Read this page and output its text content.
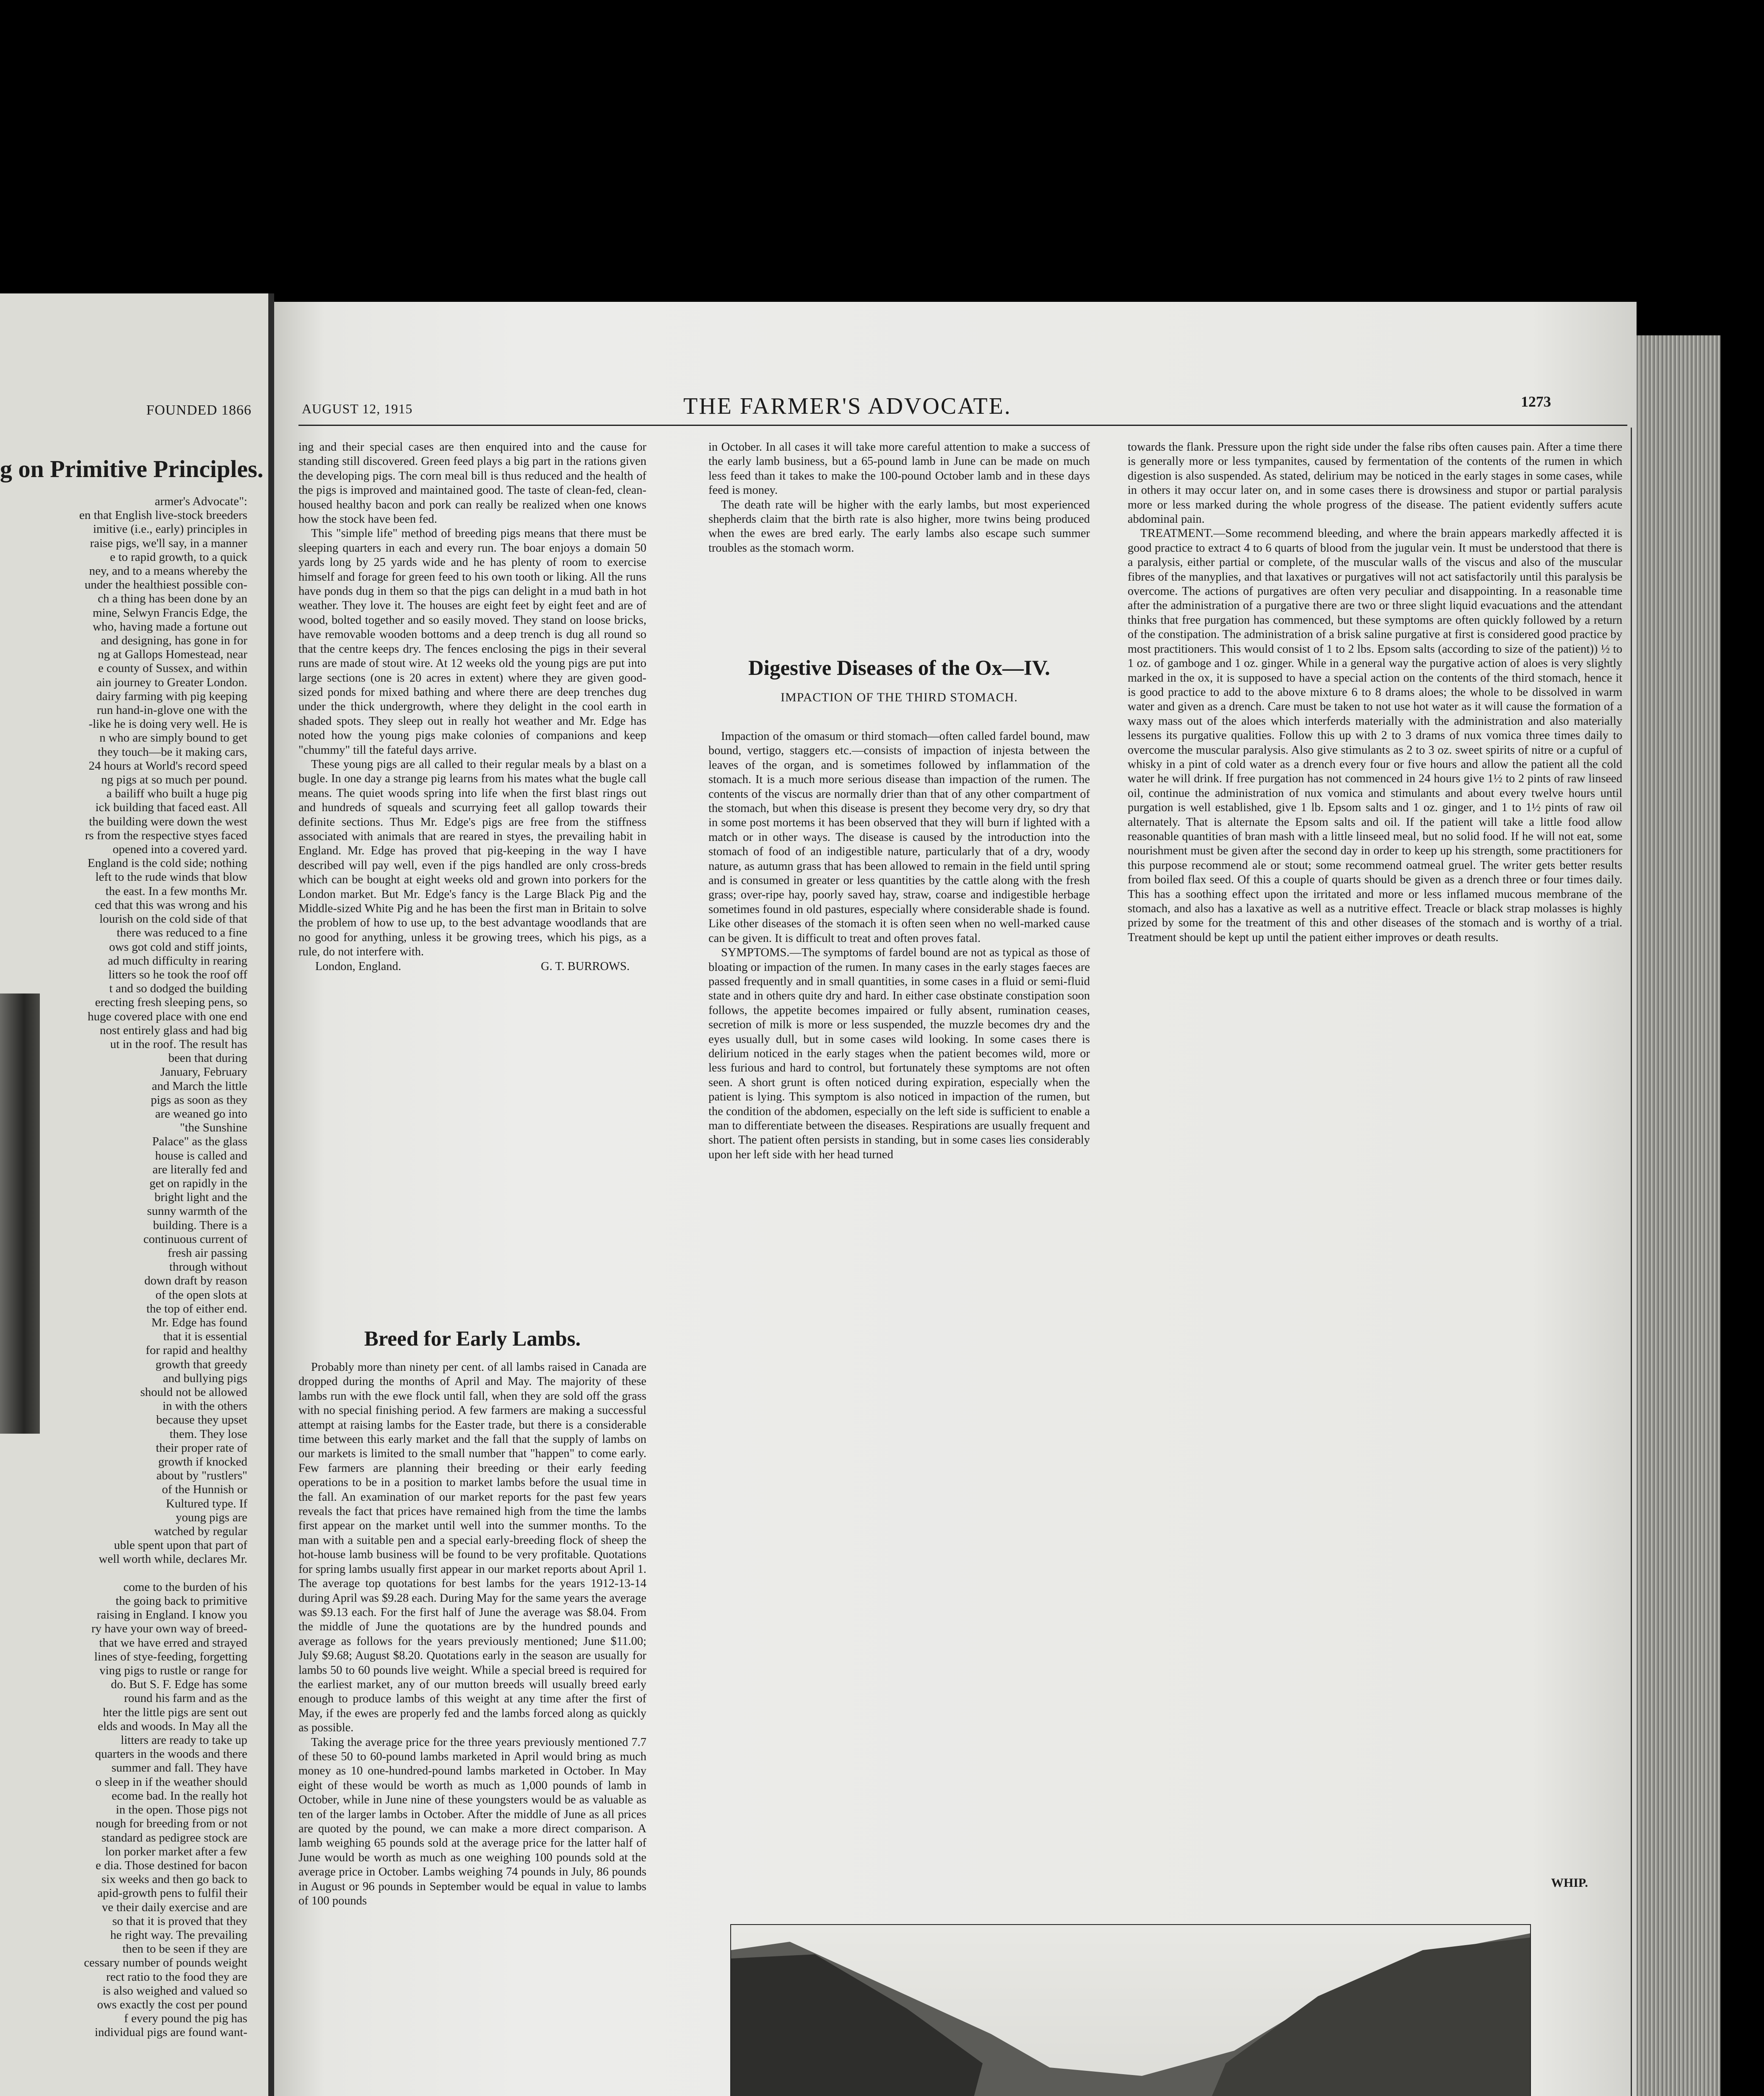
FOUNDED 1866
g on Primitive Principles.

armer's Advocate":

en that English live-stock breeders

imitive (i.e., early) principles in

raise pigs, we'll say, in a manner

e to rapid growth, to a quick

ney, and to a means whereby the

under the healthiest possible con-

ch a thing has been done by an

mine, Selwyn Francis Edge, the

who, having made a fortune out

and designing, has gone in for

ng at Gallops Homestead, near

e county of Sussex, and within

ain journey to Greater London.

dairy farming with pig keeping

run hand-in-glove one with the

-like he is doing very well. He is

n who are simply bound to get

they touch—be it making cars,

24 hours at World's record speed

ng pigs at so much per pound.

a bailiff who built a huge pig

ick building that faced east. All

the building were down the west

rs from the respective styes faced

opened into a covered yard.

England is the cold side; nothing

left to the rude winds that blow

the east. In a few months Mr.

ced that this was wrong and his

lourish on the cold side of that

there was reduced to a fine

ows got cold and stiff joints,

ad much difficulty in rearing

litters so he took the roof off

t and so dodged the building

erecting fresh sleeping pens, so

huge covered place with one end

nost entirely glass and had big

ut in the roof. The result has

been that during

January, February

and March the little

pigs as soon as they

are weaned go into

"the Sunshine

Palace" as the glass

house is called and

are literally fed and

get on rapidly in the

bright light and the

sunny warmth of the

building. There is a

continuous current of

fresh air passing

through without

down draft by reason

of the open slots at

the top of either end.

Mr. Edge has found

that it is essential

for rapid and healthy

growth that greedy

and bullying pigs

should not be allowed

in with the others

because they upset

them. They lose

their proper rate of

growth if knocked

about by "rustlers"

of the Hunnish or

Kultured type. If

young pigs are

watched by regular

uble spent upon that part of

well worth while, declares Mr.

come to the burden of his

the going back to primitive

raising in England. I know you

ry have your own way of breed-

that we have erred and strayed

lines of stye-feeding, forgetting

ving pigs to rustle or range for

do. But S. F. Edge has some

round his farm and as the

hter the little pigs are sent out

elds and woods. In May all the

litters are ready to take up

quarters in the woods and there

summer and fall. They have

o sleep in if the weather should

ecome bad. In the really hot

in the open. Those pigs not

nough for breeding from or not

standard as pedigree stock are

lon porker market after a few

e dia. Those destined for bacon

six weeks and then go back to

apid-growth pens to fulfil their

ve their daily exercise and are

so that it is proved that they

he right way. The prevailing

then to be seen if they are

cessary number of pounds weight

rect ratio to the food they are

is also weighed and valued so

ows exactly the cost per pound

f every pound the pig has

individual pigs are found want-

AUGUST 12, 1915	THE FARMER'S ADVOCATE.	1273

ing and their special cases are then enquired into and the cause for standing still discovered. Green feed plays a big part in the rations given the developing pigs. The corn meal bill is thus reduced and the health of the pigs is improved and maintained good. The taste of clean-fed, clean-housed healthy bacon and pork can really be realized when one knows how the stock have been fed.

This "simple life" method of breeding pigs means that there must be sleeping quarters in each and every run. The boar enjoys a domain 50 yards long by 25 yards wide and he has plenty of room to exercise himself and forage for green feed to his own tooth or liking. All the runs have ponds dug in them so that the pigs can delight in a mud bath in hot weather. They love it. The houses are eight feet by eight feet and are of wood, bolted together and so easily moved. They stand on loose bricks, have removable wooden bottoms and a deep trench is dug all round so that the centre keeps dry. The fences enclosing the pigs in their several runs are made of stout wire. At 12 weeks old the young pigs are put into large sections (one is 20 acres in extent) where they are given good-sized ponds for mixed bathing and where there are deep trenches dug under the thick undergrowth, where they delight in the cool earth in shaded spots. They sleep out in really hot weather and Mr. Edge has noted how the young pigs make colonies of companions and keep "chummy" till the fateful days arrive.

These young pigs are all called to their regular meals by a blast on a bugle. In one day a strange pig learns from his mates what the bugle call means. The quiet woods spring into life when the first blast rings out and hundreds of squeals and scurrying feet all gallop towards their definite sections. Thus Mr. Edge's pigs are free from the stiffness associated with animals that are reared in styes, the prevailing habit in England. Mr. Edge has proved that pig-keeping in the way I have described will pay well, even if the pigs handled are only cross-breds which can be bought at eight weeks old and grown into porkers for the London market. But Mr. Edge's fancy is the Large Black Pig and the Middle-sized White Pig and he has been the first man in Britain to solve the problem of how to use up, to the best advantage woodlands that are no good for anything, unless it be growing trees, which his pigs, as a rule, do not interfere with.

London, England.	G. T. BURROWS.
Breed for Early Lambs.

Probably more than ninety per cent. of all lambs raised in Canada are dropped during the months of April and May. The majority of these lambs run with the ewe flock until fall, when they are sold off the grass with no special finishing period. A few farmers are making a successful attempt at raising lambs for the Easter trade, but there is a considerable time between this early market and the fall that the supply of lambs on our markets is limited to the small number that "happen" to come early. Few farmers are planning their breeding or their early feeding operations to be in a position to market lambs before the usual time in the fall. An examination of our market reports for the past few years reveals the fact that prices have remained high from the time the lambs first appear on the market until well into the summer months. To the man with a suitable pen and a special early-breeding flock of sheep the hot-house lamb business will be found to be very profitable. Quotations for spring lambs usually first appear in our market reports about April 1. The average top quotations for best lambs for the years 1912-13-14 during April was $9.28 each. During May for the same years the average was $9.13 each. For the first half of June the average was $8.04. From the middle of June the quotations are by the hundred pounds and average as follows for the years previously mentioned; June $11.00; July $9.68; August $8.20. Quotations early in the season are usually for lambs 50 to 60 pounds live weight. While a special breed is required for the earliest market, any of our mutton breeds will usually breed early enough to produce lambs of this weight at any time after the first of May, if the ewes are properly fed and the lambs forced along as quickly as possible.

Taking the average price for the three years previously mentioned 7.7 of these 50 to 60-pound lambs marketed in April would bring as much money as 10 one-hundred-pound lambs marketed in October. In May eight of these would be worth as much as 1,000 pounds of lamb in October, while in June nine of these youngsters would be as valuable as ten of the larger lambs in October. After the middle of June as all prices are quoted by the pound, we can make a more direct comparison. A lamb weighing 65 pounds sold at the average price for the latter half of June would be worth as much as one weighing 100 pounds sold at the average price in October. Lambs weighing 74 pounds in July, 86 pounds in August or 96 pounds in September would be equal in value to lambs of 100 pounds

in October. In all cases it will take more careful attention to make a success of the early lamb business, but a 65-pound lamb in June can be made on much less feed than it takes to make the 100-pound October lamb and in these days feed is money.

The death rate will be higher with the early lambs, but most experienced shepherds claim that the birth rate is also higher, more twins being produced when the ewes are bred early. The early lambs also escape such summer troubles as the stomach worm.

Digestive Diseases of the Ox—IV.
IMPACTION OF THE THIRD STOMACH.

Impaction of the omasum or third stomach—often called fardel bound, maw bound, vertigo, staggers etc.—consists of impaction of injesta between the leaves of the organ, and is sometimes followed by inflammation of the stomach. It is a much more serious disease than impaction of the rumen. The contents of the viscus are normally drier than that of any other compartment of the stomach, but when this disease is present they become very dry, so dry that in some post mortems it has been observed that they will burn if lighted with a match or in other ways. The disease is caused by the introduction into the stomach of food of an indigestible nature, particularly that of a dry, woody nature, as autumn grass that has been allowed to remain in the field until spring and is consumed in greater or less quantities by the cattle along with the fresh grass; over-ripe hay, poorly saved hay, straw, coarse and indigestible herbage sometimes found in old pastures, especially where considerable shade is found. Like other diseases of the stomach it is often seen when no well-marked cause can be given. It is difficult to treat and often proves fatal.

SYMPTOMS.—The symptoms of fardel bound are not as typical as those of bloating or impaction of the rumen. In many cases in the early stages faeces are passed frequently and in small quantities, in some cases in a fluid or semi-fluid state and in others quite dry and hard. In either case obstinate constipation soon follows, the appetite becomes impaired or fully absent, rumination ceases, secretion of milk is more or less suspended, the muzzle becomes dry and the eyes usually dull, but in some cases wild looking. In some cases there is delirium noticed in the early stages when the patient becomes wild, more or less furious and hard to control, but fortunately these symptoms are not often seen. A short grunt is often noticed during expiration, especially when the patient is lying. This symptom is also noticed in impaction of the rumen, but the condition of the abdomen, especially on the left side is sufficient to enable a man to differentiate between the diseases. Respirations are usually frequent and short. The patient often persists in standing, but in some cases lies considerably upon her left side with her head turned

towards the flank. Pressure upon the right side under the false ribs often causes pain. After a time there is generally more or less tympanites, caused by fermentation of the contents of the rumen in which digestion is also suspended. As stated, delirium may be noticed in the early stages in some cases, while in others it may occur later on, and in some cases there is drowsiness and stupor or partial paralysis more or less marked during the whole progress of the disease. The patient evidently suffers acute abdominal pain.

TREATMENT.—Some recommend bleeding, and where the brain appears markedly affected it is good practice to extract 4 to 6 quarts of blood from the jugular vein. It must be understood that there is a paralysis, either partial or complete, of the muscular walls of the viscus and also of the muscular fibres of the manyplies, and that laxatives or purgatives will not act satisfactorily until this paralysis be overcome. The actions of purgatives are often very peculiar and disappointing. In a reasonable time after the administration of a purgative there are two or three slight liquid evacuations and the attendant thinks that free purgation has commenced, but these symptoms are often quickly followed by a return of the constipation. The administration of a brisk saline purgative at first is considered good practice by most practitioners. This would consist of 1 to 2 lbs. Epsom salts (according to size of the patient)) ½ to 1 oz. of gamboge and 1 oz. ginger. While in a general way the purgative action of aloes is very slightly marked in the ox, it is supposed to have a special action on the contents of the third stomach, hence it is good practice to add to the above mixture 6 to 8 drams aloes; the whole to be dissolved in warm water and given as a drench. Care must be taken to not use hot water as it will cause the formation of a waxy mass out of the aloes which interferds materially with the administration and also materially lessens its purgative qualities. Follow this up with 2 to 3 drams of nux vomica three times daily to overcome the muscular paralysis. Also give stimulants as 2 to 3 oz. sweet spirits of nitre or a cupful of whisky in a pint of cold water as a drench every four or five hours and allow the patient all the cold water he will drink. If free purgation has not commenced in 24 hours give 1½ to 2 pints of raw linseed oil, continue the administration of nux vomica and stimulants and about every twelve hours until purgation is well established, give 1 lb. Epsom salts and 1 oz. ginger, and 1 to 1½ pints of raw oil alternately. That is alternate the Epsom salts and oil. If the patient will take a little food allow reasonable quantities of bran mash with a little linseed meal, but no solid food. If he will not eat, some nourishment must be given after the second day in order to keep up his strength, some practitioners for this purpose recommend ale or stout; some recommend oatmeal gruel. The writer gets better results from boiled flax seed. Of this a couple of quarts should be given as a drench three or four times daily. This has a soothing effect upon the irritated and more or less inflamed mucous membrane of the stomach, and also has a laxative as well as a nutritive effect. Treacle or black strap molasses is highly prized by some for the treatment of this and other diseases of the stomach and is worthy of a trial. Treatment should be kept up until the patient either improves or death results.

WHIP.
